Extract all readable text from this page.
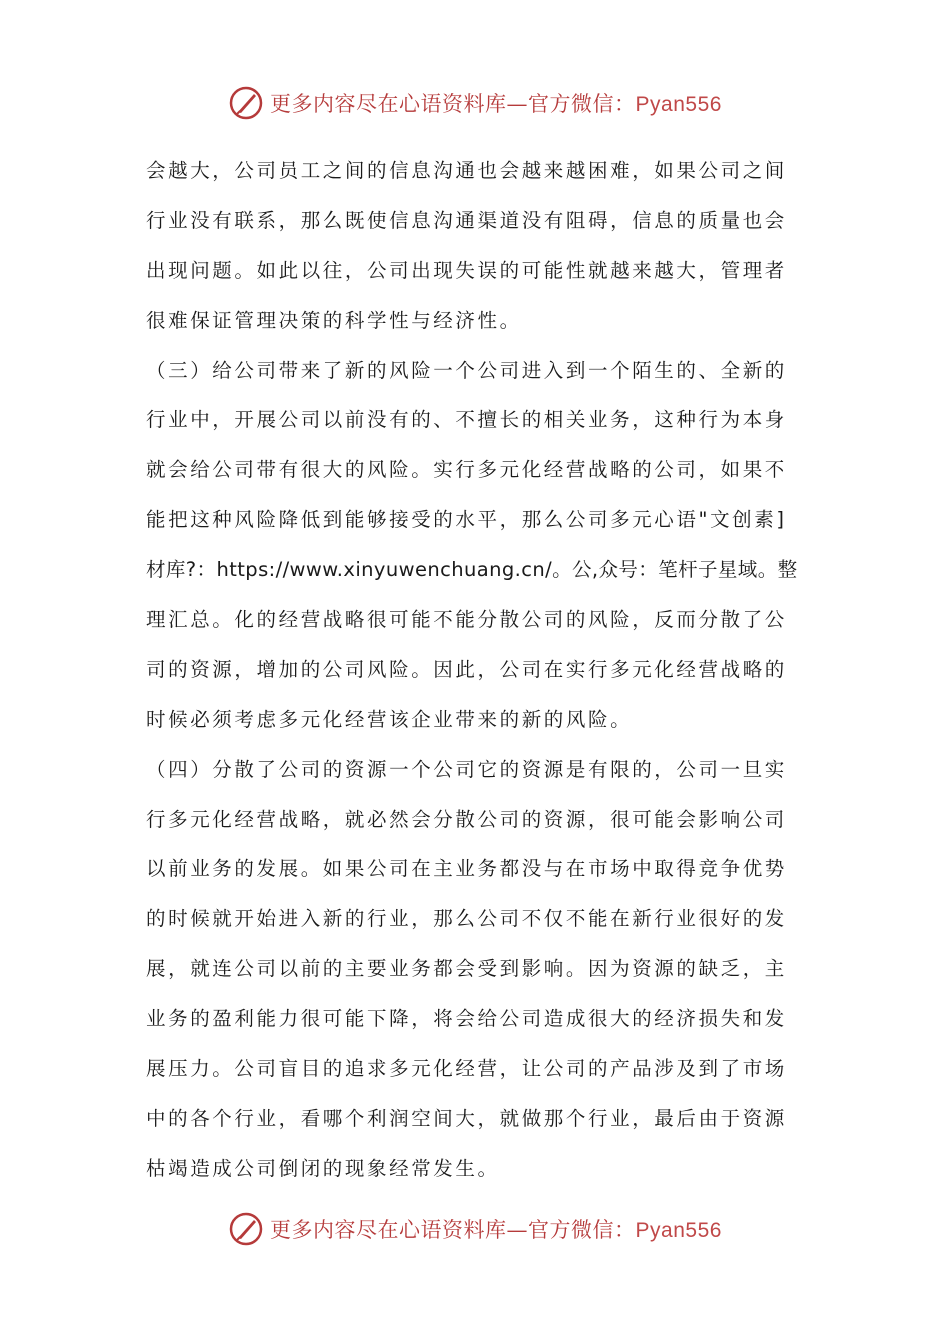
更多内容尽在心语资料库—官方微信：Pyan556
会越大，公司员工之间的信息沟通也会越来越困难，如果公司之间
行业没有联系，那么既使信息沟通渠道没有阻碍，信息的质量也会
出现问题。如此以往，公司出现失误的可能性就越来越大，管理者
很难保证管理决策的科学性与经济性。
（三）给公司带来了新的风险一个公司进入到一个陌生的、全新的
行业中，开展公司以前没有的、不擅长的相关业务，这种行为本身
就会给公司带有很大的风险。实行多元化经营战略的公司，如果不
能把这种风险降低到能够接受的水平，那么公司多元心语"文创素]
材库?：https://www.xinyuwenchuang.cn/。公,众号：笔杆子星域。整
理汇总。化的经营战略很可能不能分散公司的风险，反而分散了公
司的资源，增加的公司风险。因此，公司在实行多元化经营战略的
时候必须考虑多元化经营该企业带来的新的风险。
（四）分散了公司的资源一个公司它的资源是有限的，公司一旦实
行多元化经营战略，就必然会分散公司的资源，很可能会影响公司
以前业务的发展。如果公司在主业务都没与在市场中取得竞争优势
的时候就开始进入新的行业，那么公司不仅不能在新行业很好的发
展，就连公司以前的主要业务都会受到影响。因为资源的缺乏，主
业务的盈利能力很可能下降，将会给公司造成很大的经济损失和发
展压力。公司盲目的追求多元化经营，让公司的产品涉及到了市场
中的各个行业，看哪个利润空间大，就做那个行业，最后由于资源
枯竭造成公司倒闭的现象经常发生。
更多内容尽在心语资料库—官方微信：Pyan556
